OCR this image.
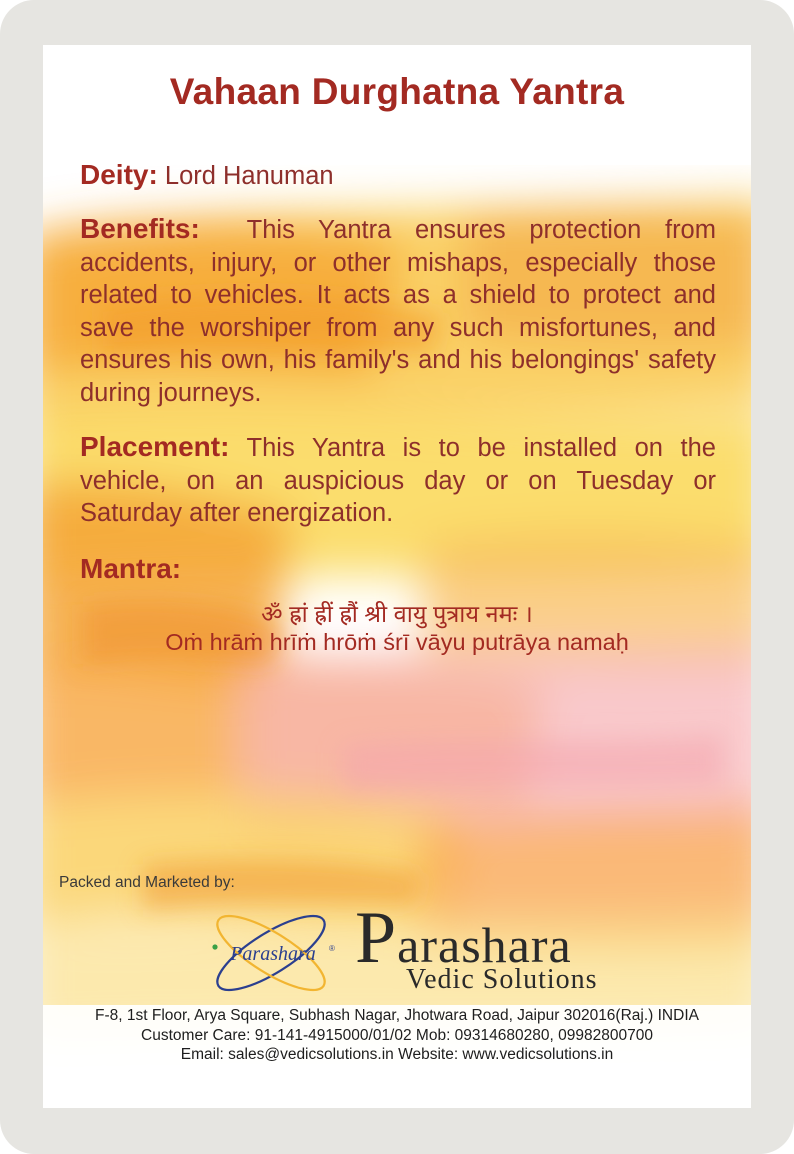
Vahaan Durghatna Yantra
Deity: Lord Hanuman
Benefits:  This Yantra ensures protection from accidents, injury, or other mishaps, especially those related to vehicles. It acts as a shield to protect and save the worshiper from any such misfortunes, and ensures his own, his family's and his belongings' safety during journeys.
Placement: This Yantra is to be installed on the vehicle, on an auspicious day or on Tuesday or Saturday after energization.
Mantra:
ॐ ह्रां ह्रीं ह्रौं श्री वायु पुत्राय नमः ।
Oṁ hrāṁ hrīṁ hrōṁ śrī vāyu putrāya namaḥ
Packed and Marketed by:
Parashara ® Parashara
Vedic Solutions
F-8, 1st Floor, Arya Square, Subhash Nagar, Jhotwara Road, Jaipur 302016(Raj.) INDIA
Customer Care: 91-141-4915000/01/02 Mob: 09314680280, 09982800700
Email: sales@vedicsolutions.in Website: www.vedicsolutions.in
